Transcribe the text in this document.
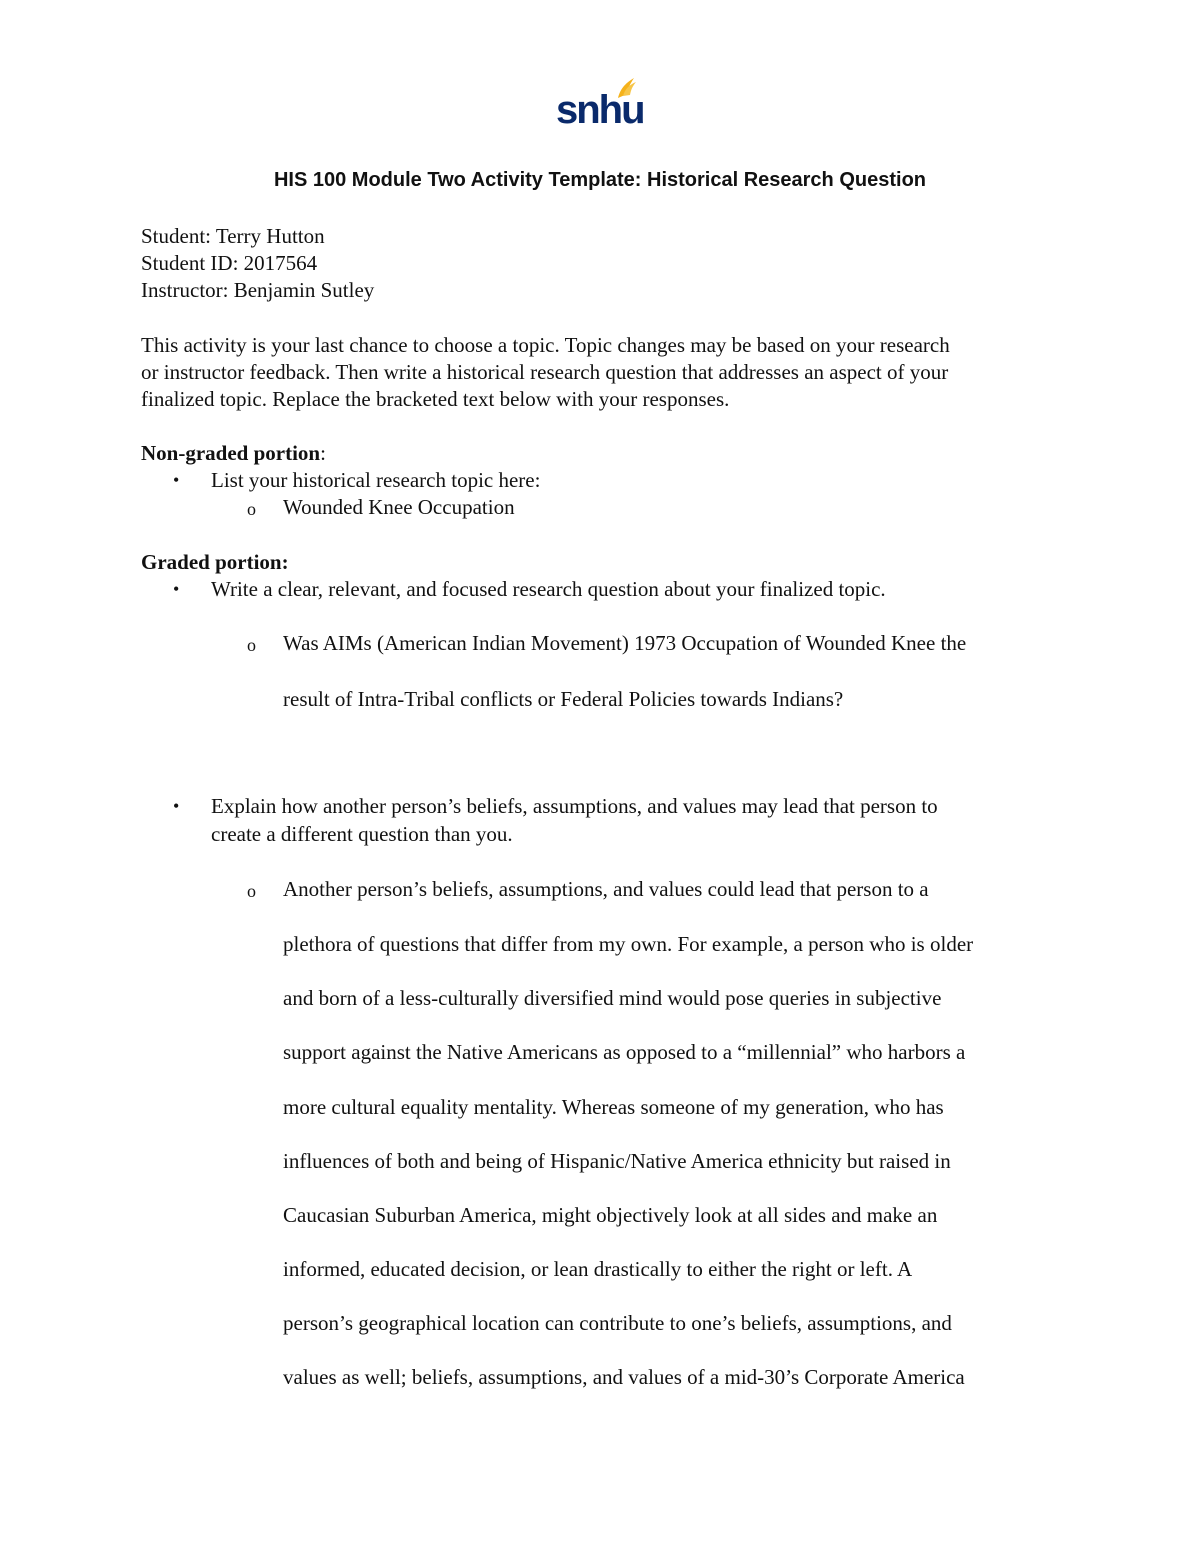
snhu
HIS 100 Module Two Activity Template: Historical Research Question
Student: Terry Hutton
Student ID: 2017564
Instructor: Benjamin Sutley
This activity is your last chance to choose a topic. Topic changes may be based on your research
or instructor feedback. Then write a historical research question that addresses an aspect of your
finalized topic. Replace the bracketed text below with your responses.
Non-graded portion:
• List your historical research topic here:
o Wounded Knee Occupation
Graded portion:
• Write a clear, relevant, and focused research question about your finalized topic.
o Was AIMs (American Indian Movement) 1973 Occupation of Wounded Knee the
result of Intra-Tribal conflicts or Federal Policies towards Indians?
• Explain how another person’s beliefs, assumptions, and values may lead that person to
create a different question than you.
o Another person’s beliefs, assumptions, and values could lead that person to a
plethora of questions that differ from my own. For example, a person who is older
and born of a less-culturally diversified mind would pose queries in subjective
support against the Native Americans as opposed to a “millennial” who harbors a
more cultural equality mentality. Whereas someone of my generation, who has
influences of both and being of Hispanic/Native America ethnicity but raised in
Caucasian Suburban America, might objectively look at all sides and make an
informed, educated decision, or lean drastically to either the right or left. A
person’s geographical location can contribute to one’s beliefs, assumptions, and
values as well; beliefs, assumptions, and values of a mid-30’s Corporate America
